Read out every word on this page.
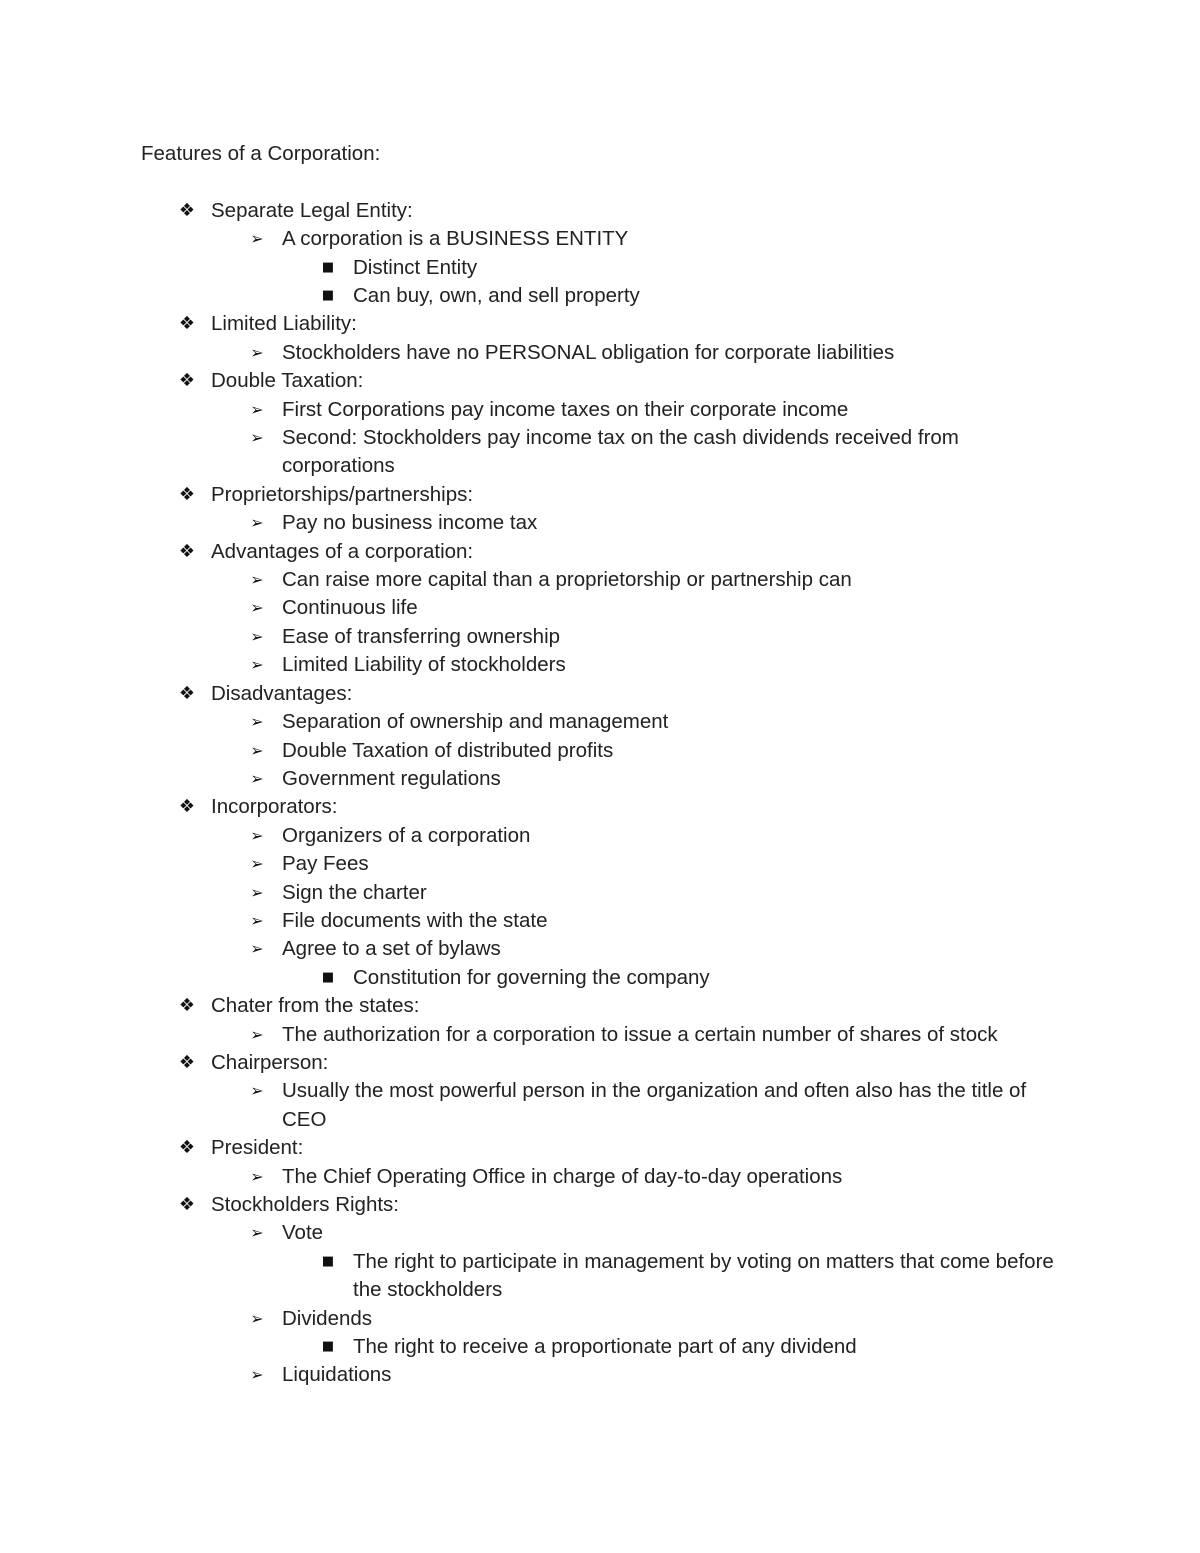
Features of a Corporation:
❖ Separate Legal Entity:
➢ A corporation is a BUSINESS ENTITY
■ Distinct Entity
■ Can buy, own, and sell property
❖ Limited Liability:
➢ Stockholders have no PERSONAL obligation for corporate liabilities
❖ Double Taxation:
➢ First Corporations pay income taxes on their corporate income
➢ Second: Stockholders pay income tax on the cash dividends received from corporations
❖ Proprietorships/partnerships:
➢ Pay no business income tax
❖ Advantages of a corporation:
➢ Can raise more capital than a proprietorship or partnership can
➢ Continuous life
➢ Ease of transferring ownership
➢ Limited Liability of stockholders
❖ Disadvantages:
➢ Separation of ownership and management
➢ Double Taxation of distributed profits
➢ Government regulations
❖ Incorporators:
➢ Organizers of a corporation
➢ Pay Fees
➢ Sign the charter
➢ File documents with the state
➢ Agree to a set of bylaws
■ Constitution for governing the company
❖ Chater from the states:
➢ The authorization for a corporation to issue a certain number of shares of stock
❖ Chairperson:
➢ Usually the most powerful person in the organization and often also has the title of CEO
❖ President:
➢ The Chief Operating Office in charge of day-to-day operations
❖ Stockholders Rights:
➢ Vote
■ The right to participate in management by voting on matters that come before the stockholders
➢ Dividends
■ The right to receive a proportionate part of any dividend
➢ Liquidations
